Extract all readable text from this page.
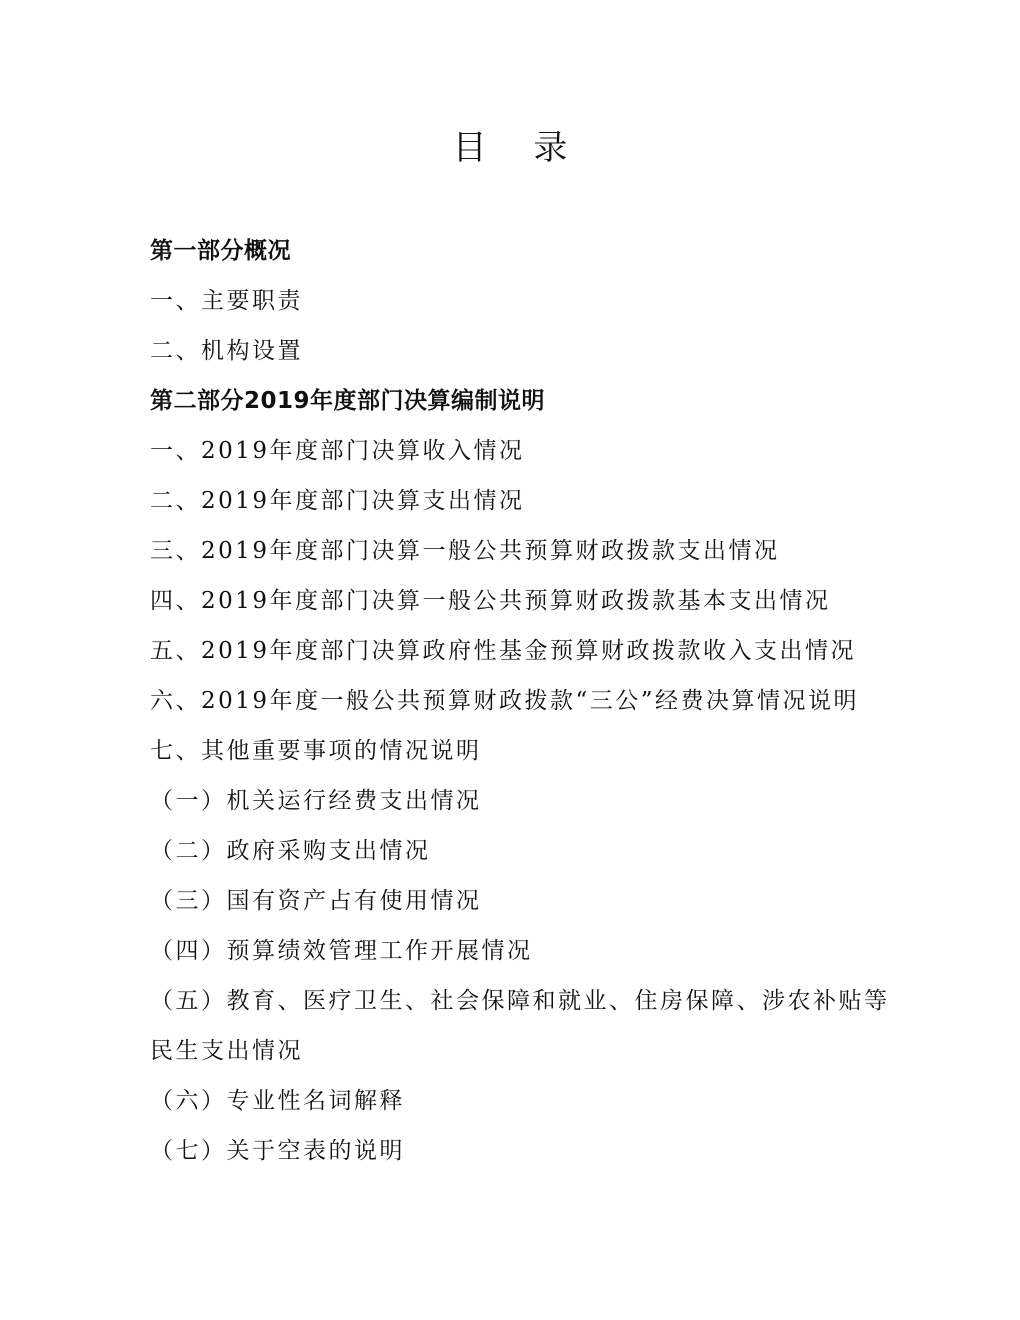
目 录
第一部分概况
一、主要职责
二、机构设置
第二部分2019年度部门决算编制说明
一、2019年度部门决算收入情况
二、2019年度部门决算支出情况
三、2019年度部门决算一般公共预算财政拨款支出情况
四、2019年度部门决算一般公共预算财政拨款基本支出情况
五、2019年度部门决算政府性基金预算财政拨款收入支出情况
六、2019年度一般公共预算财政拨款“三公”经费决算情况说明
七、其他重要事项的情况说明
（一）机关运行经费支出情况
（二）政府采购支出情况
（三）国有资产占有使用情况
（四）预算绩效管理工作开展情况
（五）教育、医疗卫生、社会保障和就业、住房保障、涉农补贴等
民生支出情况
（六）专业性名词解释
（七）关于空表的说明
